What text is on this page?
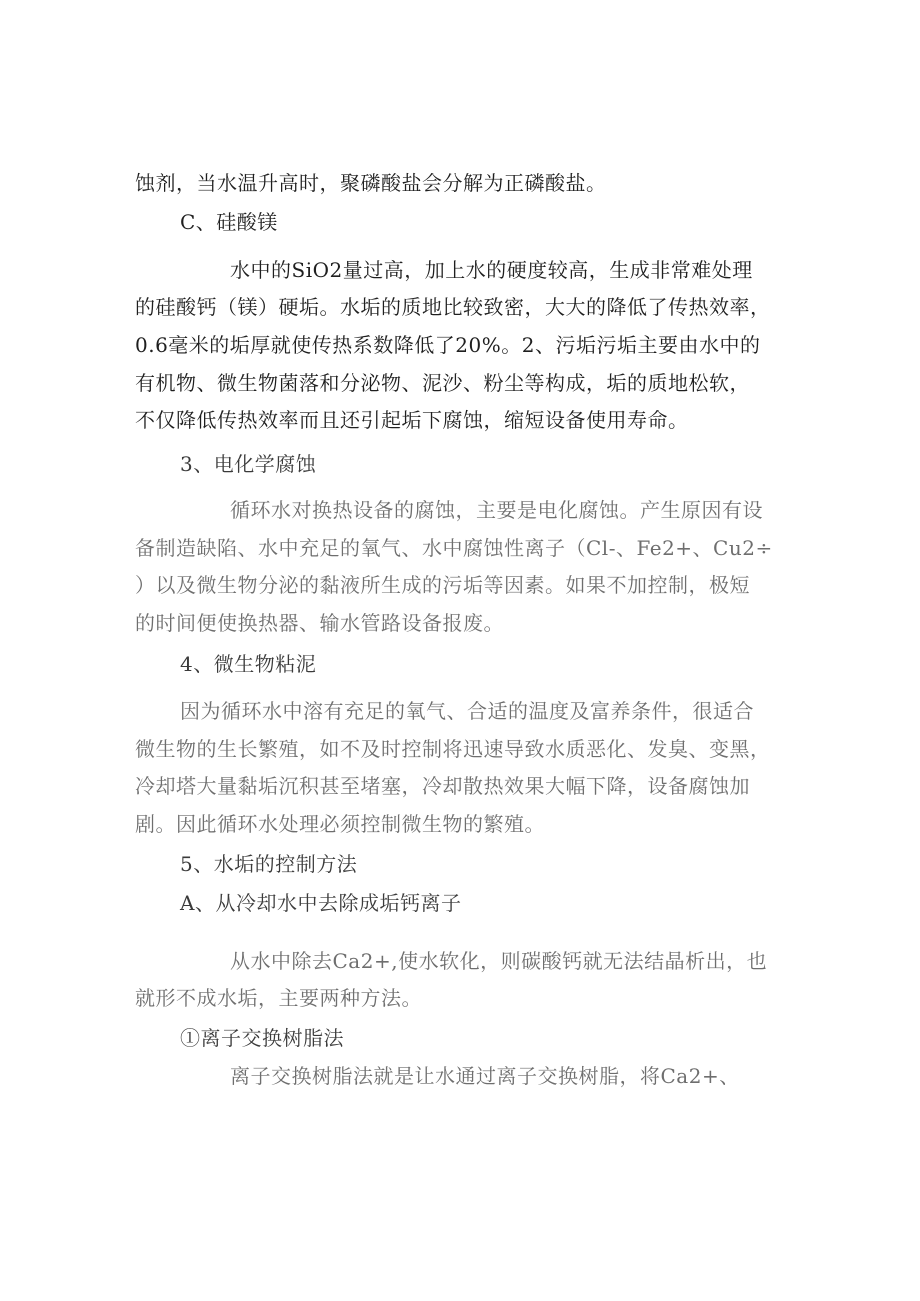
蚀剂，当水温升高时，聚磷酸盐会分解为正磷酸盐。
C、硅酸镁
水中的SiO2量过高，加上水的硬度较高，生成非常难处理
的硅酸钙（镁）硬垢。水垢的质地比较致密，大大的降低了传热效率，
0.6毫米的垢厚就使传热系数降低了20%。2、污垢污垢主要由水中的
有机物、微生物菌落和分泌物、泥沙、粉尘等构成，垢的质地松软，
不仅降低传热效率而且还引起垢下腐蚀，缩短设备使用寿命。
3、电化学腐蚀
循环水对换热设备的腐蚀，主要是电化腐蚀。产生原因有设
备制造缺陷、水中充足的氧气、水中腐蚀性离子（Cl-、Fe2+、Cu2÷
）以及微生物分泌的黏液所生成的污垢等因素。如果不加控制，极短
的时间便使换热器、输水管路设备报废。
4、微生物粘泥
因为循环水中溶有充足的氧气、合适的温度及富养条件，很适合
微生物的生长繁殖，如不及时控制将迅速导致水质恶化、发臭、变黑，
冷却塔大量黏垢沉积甚至堵塞，冷却散热效果大幅下降，设备腐蚀加
剧。因此循环水处理必须控制微生物的繁殖。
5、水垢的控制方法
A、从冷却水中去除成垢钙离子
从水中除去Ca2+,使水软化，则碳酸钙就无法结晶析出，也
就形不成水垢，主要两种方法。
①离子交换树脂法
离子交换树脂法就是让水通过离子交换树脂，将Ca2+、
